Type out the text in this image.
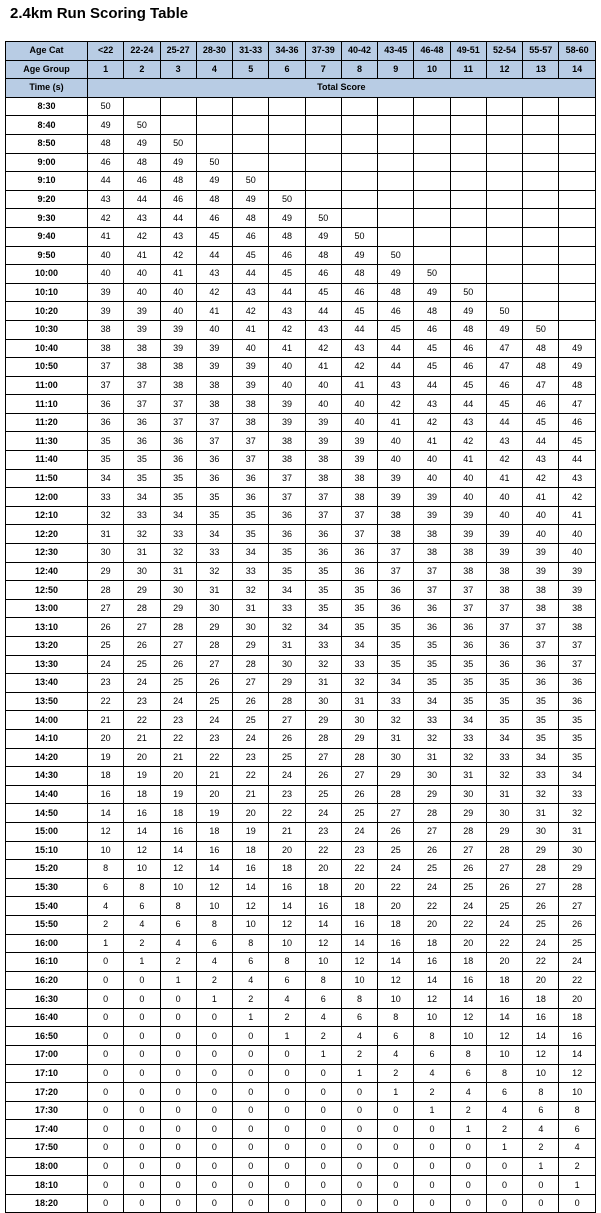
2.4km Run Scoring Table
Age Cat	<22	22-24	25-27	28-30	31-33	34-36	37-39	40-42	43-45	46-48	49-51	52-54	55-57	58-60
Age Group	1	2	3	4	5	6	7	8	9	10	11	12	13	14
Time (s)	Total Score													
8:30	50													
8:40	49	50												
8:50	48	49	50											
9:00	46	48	49	50										
9:10	44	46	48	49	50									
9:20	43	44	46	48	49	50								
9:30	42	43	44	46	48	49	50							
9:40	41	42	43	45	46	48	49	50						
9:50	40	41	42	44	45	46	48	49	50					
10:00	40	40	41	43	44	45	46	48	49	50				
10:10	39	40	40	42	43	44	45	46	48	49	50			
10:20	39	39	40	41	42	43	44	45	46	48	49	50		
10:30	38	39	39	40	41	42	43	44	45	46	48	49	50	
10:40	38	38	39	39	40	41	42	43	44	45	46	47	48	49
10:50	37	38	38	39	39	40	41	42	44	45	46	47	48	49
11:00	37	37	38	38	39	40	40	41	43	44	45	46	47	48
11:10	36	37	37	38	38	39	40	40	42	43	44	45	46	47
11:20	36	36	37	37	38	39	39	40	41	42	43	44	45	46
11:30	35	36	36	37	37	38	39	39	40	41	42	43	44	45
11:40	35	35	36	36	37	38	38	39	40	40	41	42	43	44
11:50	34	35	35	36	36	37	38	38	39	40	40	41	42	43
12:00	33	34	35	35	36	37	37	38	39	39	40	40	41	42
12:10	32	33	34	35	35	36	37	37	38	39	39	40	40	41
12:20	31	32	33	34	35	36	36	37	38	38	39	39	40	40
12:30	30	31	32	33	34	35	36	36	37	38	38	39	39	40
12:40	29	30	31	32	33	35	35	36	37	37	38	38	39	39
12:50	28	29	30	31	32	34	35	35	36	37	37	38	38	39
13:00	27	28	29	30	31	33	35	35	36	36	37	37	38	38
13:10	26	27	28	29	30	32	34	35	35	36	36	37	37	38
13:20	25	26	27	28	29	31	33	34	35	35	36	36	37	37
13:30	24	25	26	27	28	30	32	33	35	35	35	36	36	37
13:40	23	24	25	26	27	29	31	32	34	35	35	35	36	36
13:50	22	23	24	25	26	28	30	31	33	34	35	35	35	36
14:00	21	22	23	24	25	27	29	30	32	33	34	35	35	35
14:10	20	21	22	23	24	26	28	29	31	32	33	34	35	35
14:20	19	20	21	22	23	25	27	28	30	31	32	33	34	35
14:30	18	19	20	21	22	24	26	27	29	30	31	32	33	34
14:40	16	18	19	20	21	23	25	26	28	29	30	31	32	33
14:50	14	16	18	19	20	22	24	25	27	28	29	30	31	32
15:00	12	14	16	18	19	21	23	24	26	27	28	29	30	31
15:10	10	12	14	16	18	20	22	23	25	26	27	28	29	30
15:20	8	10	12	14	16	18	20	22	24	25	26	27	28	29
15:30	6	8	10	12	14	16	18	20	22	24	25	26	27	28
15:40	4	6	8	10	12	14	16	18	20	22	24	25	26	27
15:50	2	4	6	8	10	12	14	16	18	20	22	24	25	26
16:00	1	2	4	6	8	10	12	14	16	18	20	22	24	25
16:10	0	1	2	4	6	8	10	12	14	16	18	20	22	24
16:20	0	0	1	2	4	6	8	10	12	14	16	18	20	22
16:30	0	0	0	1	2	4	6	8	10	12	14	16	18	20
16:40	0	0	0	0	1	2	4	6	8	10	12	14	16	18
16:50	0	0	0	0	0	1	2	4	6	8	10	12	14	16
17:00	0	0	0	0	0	0	1	2	4	6	8	10	12	14
17:10	0	0	0	0	0	0	0	1	2	4	6	8	10	12
17:20	0	0	0	0	0	0	0	0	1	2	4	6	8	10
17:30	0	0	0	0	0	0	0	0	0	1	2	4	6	8
17:40	0	0	0	0	0	0	0	0	0	0	1	2	4	6
17:50	0	0	0	0	0	0	0	0	0	0	0	1	2	4
18:00	0	0	0	0	0	0	0	0	0	0	0	0	1	2
18:10	0	0	0	0	0	0	0	0	0	0	0	0	0	1
18:20	0	0	0	0	0	0	0	0	0	0	0	0	0	0
